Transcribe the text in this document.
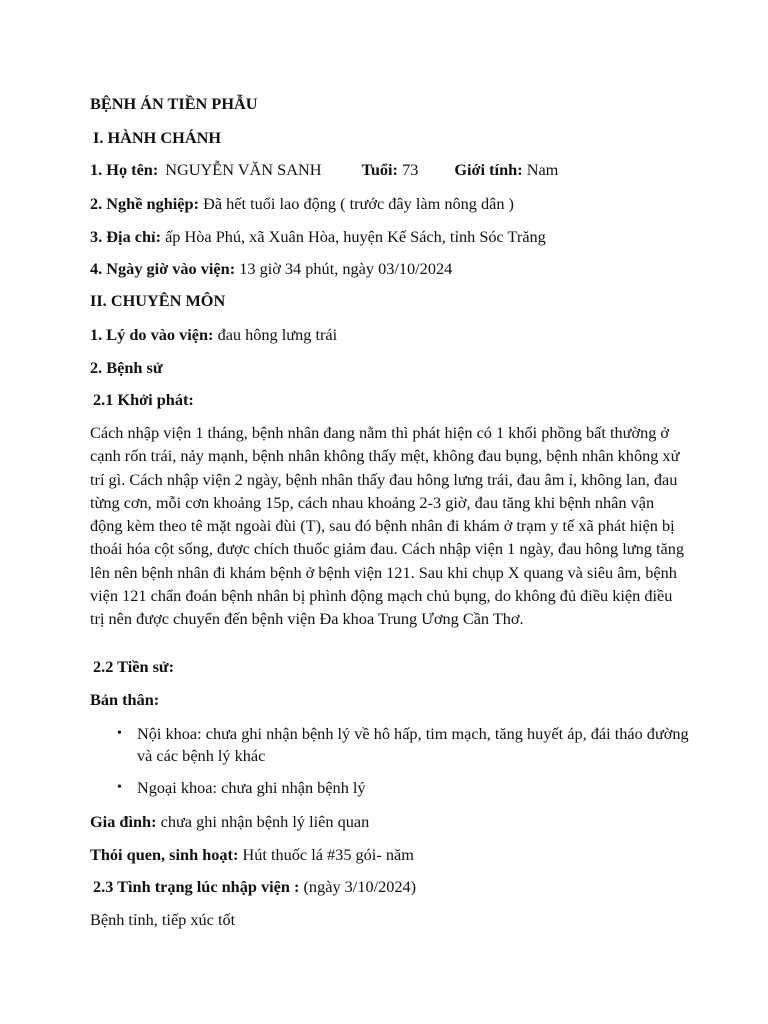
BỆNH ÁN TIỀN PHẪU
I. HÀNH CHÁNH
1. Họ tên: NGUYỄN VĂN SANH Tuổi: 73 Giới tính: Nam
2. Nghề nghiệp: Đã hết tuổi lao động ( trước đây làm nông dân )
3. Địa chỉ: ấp Hòa Phú, xã Xuân Hòa, huyện Kế Sách, tỉnh Sóc Trăng
4. Ngày giờ vào viện: 13 giờ 34 phút, ngày 03/10/2024
II. CHUYÊN MÔN
1. Lý do vào viện: đau hông lưng trái
2. Bệnh sử
2.1 Khởi phát:
Cách nhập viện 1 tháng, bệnh nhân đang nằm thì phát hiện có 1 khối phồng bất thường ở cạnh rốn trái, nảy mạnh, bệnh nhân không thấy mệt, không đau bụng, bệnh nhân không xử trí gì. Cách nhập viện 2 ngày, bệnh nhân thấy đau hông lưng trái, đau âm ỉ, không lan, đau từng cơn, mỗi cơn khoảng 15p, cách nhau khoảng 2-3 giờ, đau tăng khi bệnh nhân vận động kèm theo tê mặt ngoài đùi (T), sau đó bệnh nhân đi khám ở trạm y tế xã phát hiện bị thoái hóa cột sống, được chích thuốc giảm đau. Cách nhập viện 1 ngày, đau hông lưng tăng lên nên bệnh nhân đi khám bệnh ở bệnh viện 121. Sau khi chụp X quang và siêu âm, bệnh viện 121 chẩn đoán bệnh nhân bị phình động mạch chủ bụng, do không đủ điều kiện điều trị nên được chuyển đến bệnh viện Đa khoa Trung Ương Cần Thơ.
2.2 Tiền sử:
Bản thân:
• Nội khoa: chưa ghi nhận bệnh lý về hô hấp, tim mạch, tăng huyết áp, đái tháo đường và các bệnh lý khác
• Ngoại khoa: chưa ghi nhận bệnh lý
Gia đình: chưa ghi nhận bệnh lý liên quan
Thói quen, sinh hoạt: Hút thuốc lá #35 gói- năm
2.3 Tình trạng lúc nhập viện : (ngày 3/10/2024)
Bệnh tỉnh, tiếp xúc tốt
